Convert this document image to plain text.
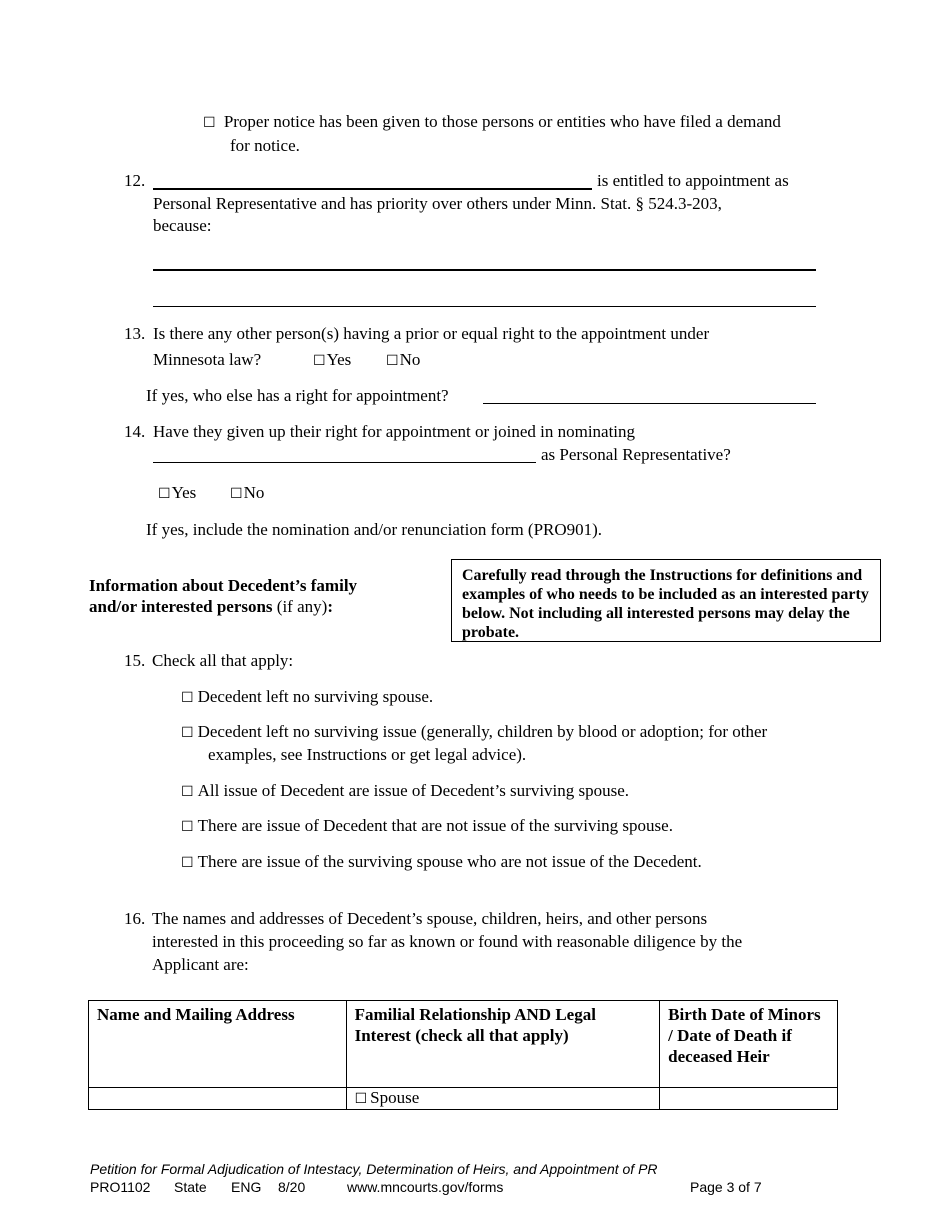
☐ Proper notice has been given to those persons or entities who have filed a demand
for notice.
12.	is entitled to appointment as
Personal Representative and has priority over others under Minn. Stat. § 524.3-203,
because:
13. Is there any other person(s) having a prior or equal right to the appointment under
Minnesota law?	☐Yes ☐No
If yes, who else has a right for appointment?
14. Have they given up their right for appointment or joined in nominating
as Personal Representative?
☐Yes ☐No
If yes, include the nomination and/or renunciation form (PRO901).
Information about Decedent’s family
and/or interested persons (if any):
Carefully read through the Instructions for definitions and examples of who needs to be included as an interested party below. Not including all interested persons may delay the probate.
15. Check all that apply:
☐ Decedent left no surviving spouse.
☐ Decedent left no surviving issue (generally, children by blood or adoption; for other
examples, see Instructions or get legal advice).
☐ All issue of Decedent are issue of Decedent’s surviving spouse.
☐ There are issue of Decedent that are not issue of the surviving spouse.
☐ There are issue of the surviving spouse who are not issue of the Decedent.
16. The names and addresses of Decedent’s spouse, children, heirs, and other persons
interested in this proceeding so far as known or found with reasonable diligence by the
Applicant are:
Name and Mailing Address	Familial Relationship AND Legal Interest (check all that apply)	Birth Date of Minors / Date of Death if deceased Heir
	☐ Spouse	
Petition for Formal Adjudication of Intestacy, Determination of Heirs, and Appointment of PR
PRO1102 State ENG 8/20	www.mncourts.gov/forms	Page 3 of 7
